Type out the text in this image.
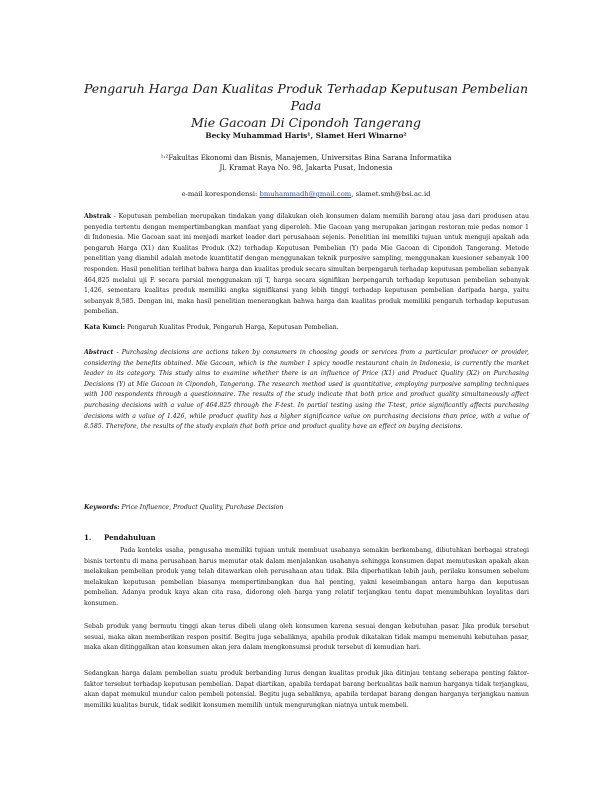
Pengaruh Harga Dan Kualitas Produk Terhadap Keputusan Pembelian Pada
Mie Gacoan Di Cipondoh Tangerang
Becky Muhammad Haris¹, Slamet Heri Winarno²
¹˒²Fakultas Ekonomi dan Bisnis, Manajemen, Universitas Bina Sarana Informatika
Jl. Kramat Raya No. 98, Jakarta Pusat, Indonesia
e-mail korespondensi: bmuhammadh@gmail.com, slamet.smh@bsi.ac.id

Abstrak - Keputusan pembelian merupakan tindakan yang dilakukan oleh konsumen dalam memilih barang atau jasa dari produsen atau penyedia tertentu dengan mempertimbangkan manfaat yang diperoleh. Mie Gacoan yang merupakan jaringan restoran mie pedas nomor 1 di Indonesia. Mie Gacoan saat ini menjadi market leader dari perusahaan sejenis. Penelitian ini memiliki tujuan untuk menguji apakah ada pengaruh Harga (X1) dan Kualitas Produk (X2) terhadap Keputusan Pembelian (Y) pada Mie Gacoan di Cipondoh Tangerang. Metode penelitian yang diambil adalah metode kuantitatif dengan menggunakan teknik purposive sampling, menggunakan kuesioner sebanyak 100 responden. Hasil penelitian terlihat bahwa harga dan kualitas produk secara simultan berpengaruh terhadap keputusan pembelian sebanyak 464,825 melalui uji F. secara parsial menggunakan uji T, harga secara signifikan berpengaruh terhadap keputusan pembelian sebanyak 1,426, sementara kualitas produk memiliki angka signifikansi yang lebih tinggi terhadap keputusan pembelian daripada harga, yaitu sebanyak 8,585. Dengan ini, maka hasil penelitian menerangkan bahwa harga dan kualitas produk memiliki pengaruh terhadap keputusan pembelian.

Kata Kunci: Pengaruh Kualitas Produk, Pengaruh Harga, Keputusan Pembelian.

Abstract - Purchasing decisions are actions taken by consumers in choosing goods or services from a particular producer or provider, considering the benefits obtained. Mie Gacoan, which is the number 1 spicy noodle restaurant chain in Indonesia, is currently the market leader in its category. This study aims to examine whether there is an influence of Price (X1) and Product Quality (X2) on Purchasing Decisions (Y) at Mie Gacoan in Cipondoh, Tangerang. The research method used is quantitative, employing purposive sampling techniques with 100 respondents through a questionnaire. The results of the study indicate that both price and product quality simultaneously affect purchasing decisions with a value of 464.825 through the F-test. In partial testing using the T-test, price significantly affects purchasing decisions with a value of 1.426, while product quality has a higher significance value on purchasing decisions than price, with a value of 8.585. Therefore, the results of the study explain that both price and product quality have an effect on buying decisions.

Keywords: Price Influence, Product Quality, Purchase Decision

1. Pendahuluan

Pada konteks usaha, pengusaha memiliki tujuan untuk membuat usahanya semakin berkembang, dibutuhkan berbagai strategi bisnis tertentu di mana perusahaan harus memutar otak dalam menjalankan usahanya sehingga konsumen dapat memutuskan apakah akan melakukan pembelian produk yang telah ditawarkan oleh perusahaan atau tidak. Bila diperhatikan lebih jauh, perilaku konsumen sebelum melakukan keputusan pembelian biasanya mempertimbangkan dua hal penting, yakni keseimbangan antara harga dan keputusan pembelian. Adanya produk kaya akan cita rasa, didorong oleh harga yang relatif terjangkau tentu dapat menumbuhkan loyalitas dari konsumen.

Sebab produk yang bermutu tinggi akan terus dibeli ulang oleh konsumen karena sesuai dengan kebutuhan pasar. Jika produk tersebut sesuai, maka akan memberikan respon positif. Begitu juga sebaliknya, apabila produk dikatakan tidak mampu memenuhi kebutuhan pasar, maka akan ditinggalkan atau konsumen akan jera dalam mengkonsumsi produk tersebut di kemudian hari.

Sedangkan harga dalam pembelian suatu produk berbanding lurus dengan kualitas produk jika ditinjau tentang seberapa penting faktor-faktor tersebut terhadap keputusan pembelian. Dapat diartikan, apabila terdapat barang berkualitas baik namun harganya tidak terjangkau, akan dapat memukul mundur calon pembeli potensial. Begitu juga sebaliknya, apabila terdapat barang dengan harganya terjangkau namun memiliki kualitas buruk, tidak sedikit konsumen memilih untuk mengurungkan niatnya untuk membeli.
